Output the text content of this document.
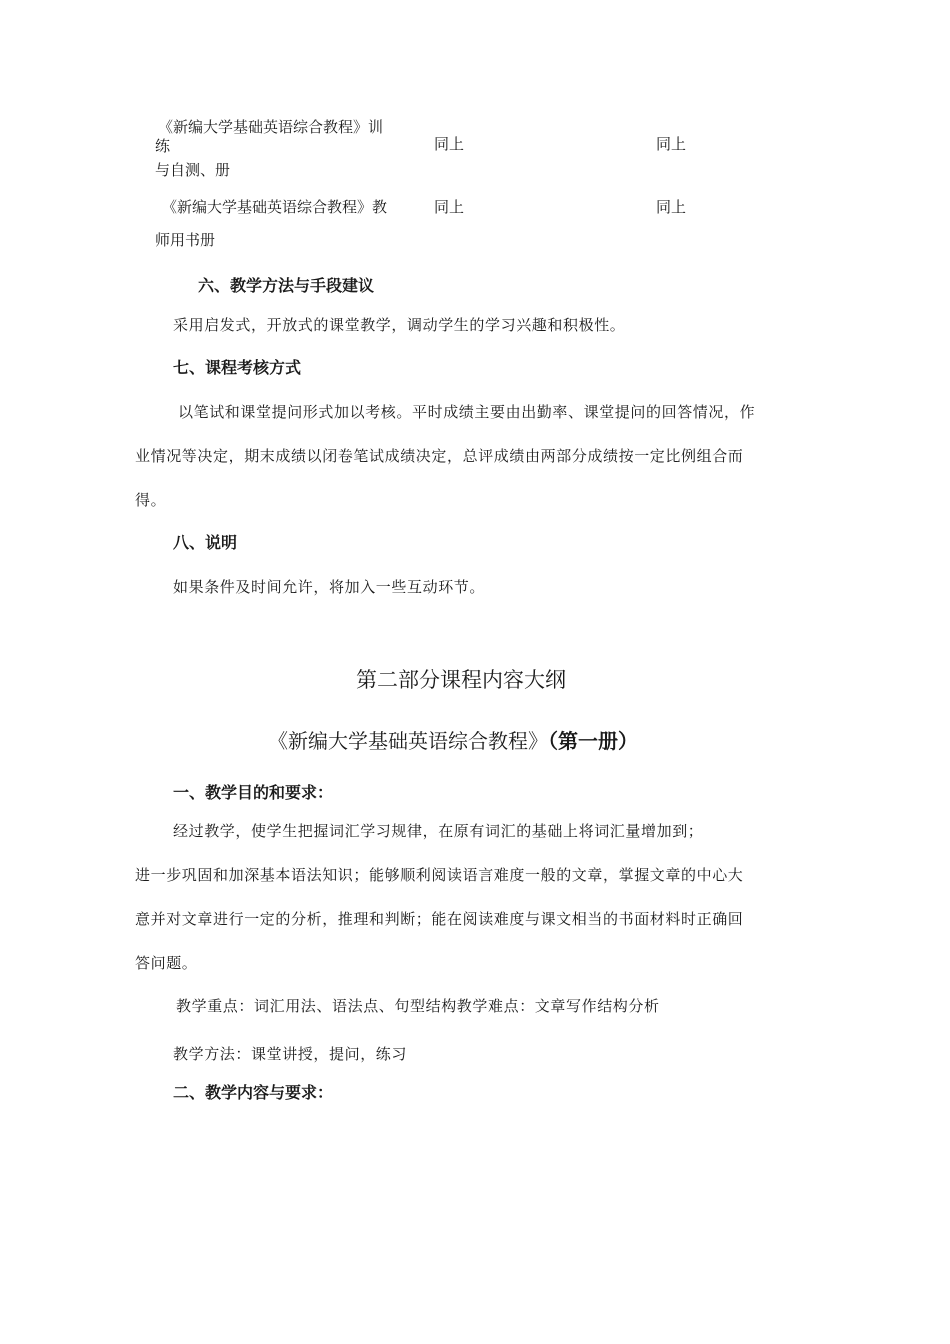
《新编大学基础英语综合教程》训
练
与自测、册
同上	同上
《新编大学基础英语综合教程》教
师用书册
同上	同上
六、教学方法与手段建议
采用启发式，开放式的课堂教学，调动学生的学习兴趣和积极性。
七、课程考核方式
以笔试和课堂提问形式加以考核。平时成绩主要由出勤率、课堂提问的回答情况，作
业情况等决定，期末成绩以闭卷笔试成绩决定，总评成绩由两部分成绩按一定比例组合而
得。
八、说明
如果条件及时间允许，将加入一些互动环节。
第二部分课程内容大纲
《新编大学基础英语综合教程》（第一册）
一、教学目的和要求：
经过教学，使学生把握词汇学习规律，在原有词汇的基础上将词汇量增加到；
进一步巩固和加深基本语法知识；能够顺利阅读语言难度一般的文章，掌握文章的中心大
意并对文章进行一定的分析，推理和判断；能在阅读难度与课文相当的书面材料时正确回
答问题。
教学重点：词汇用法、语法点、句型结构教学难点：文章写作结构分析
教学方法：课堂讲授，提问，练习
二、教学内容与要求：
